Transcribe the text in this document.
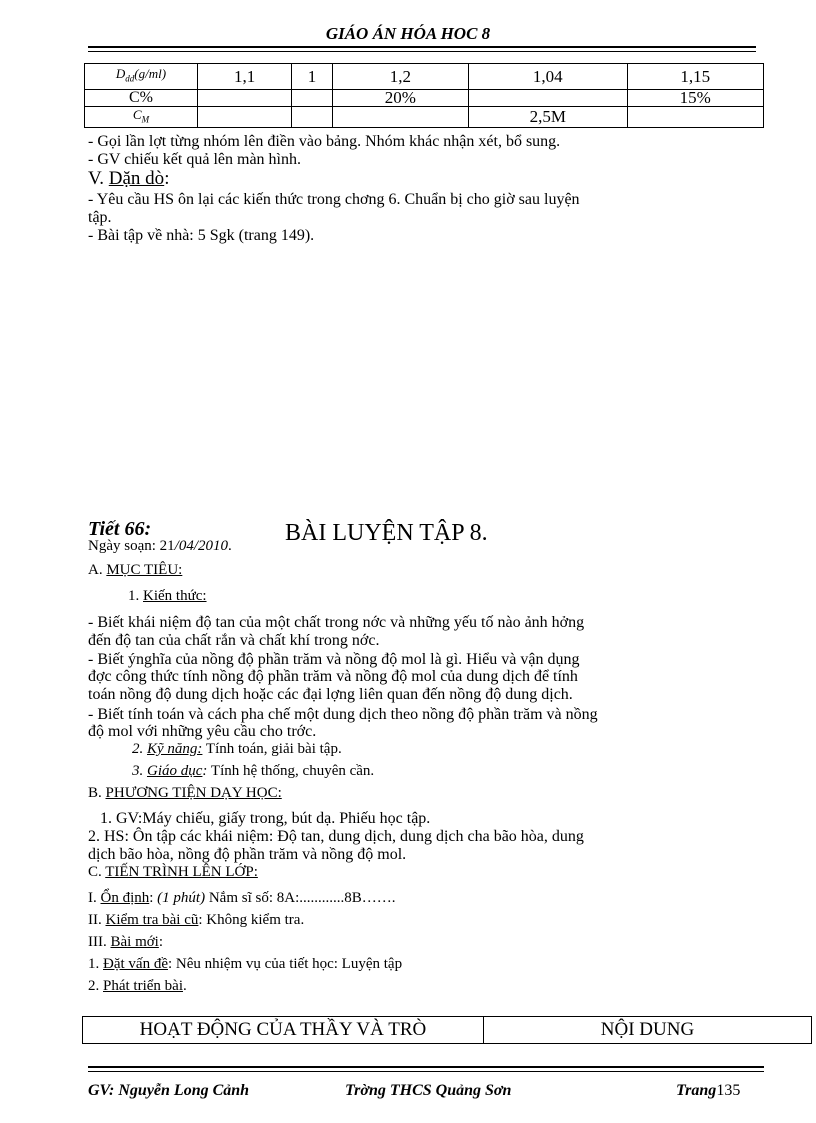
GIÁO ÁN HÓA HOC 8
$D_{dd}(g/ml)$	1,1	1	1,2	1,04	1,15
C%			20%		15%
$C_M$				2,5M	
- Gọi lần lợt từng nhóm lên điền vào bảng. Nhóm khác nhận xét, bổ sung.
- GV chiếu kết quả lên màn hình.
V. Dặn dò:
- Yêu cầu HS ôn lại các kiến thức trong chơng 6. Chuẩn bị cho giờ sau luyện
tập.
- Bài tập về nhà: 5 Sgk (trang 149).
Tiết 66:	BÀI LUYỆN TẬP 8.
Ngày soạn: 21/04/2010.
A. MỤC TIÊU:
1. Kiến thức:
- Biết khái niệm độ tan của một chất trong nớc và những yếu tố nào ảnh hởng
đến độ tan của chất rắn và chất khí trong nớc.
- Biết ýnghĩa của nồng độ phần trăm và nồng độ mol là gì. Hiểu và vận dụng
đợc công thức tính nồng độ phần trăm và nồng độ mol của dung dịch để tính
toán nồng độ dung dịch hoặc các đại lợng liên quan đến nồng độ dung dịch.
- Biết tính toán và cách pha chế một dung dịch theo nồng độ phần trăm và nồng
độ mol với những yêu cầu cho trớc.
2. Kỹ năng: Tính toán, giải bài tập.
3. Giáo dục: Tính hệ thống, chuyên cần.
B. PHƯƠNG TIỆN DẠY HỌC:
1. GV:Máy chiếu, giấy trong, bút dạ. Phiếu học tập.
2. HS: Ôn tập các khái niệm: Độ tan, dung dịch, dung dịch cha bão hòa, dung
dịch bão hòa, nồng độ phần trăm và nồng độ mol.
C. TIẾN TRÌNH LÊN LỚP:
I. Ổn định: (1 phút) Nắm sĩ số: 8A:............8B…….
II. Kiểm tra bài cũ: Không kiểm tra.
III. Bài mới:
1. Đặt vấn đề: Nêu nhiệm vụ của tiết học: Luyện tập
2. Phát triển bài.
HOẠT ĐỘNG CỦA THẦY VÀ TRÒ	NỘI DUNG
GV: Nguyễn Long Cảnh	Trờng THCS Quảng Sơn	Trang135
